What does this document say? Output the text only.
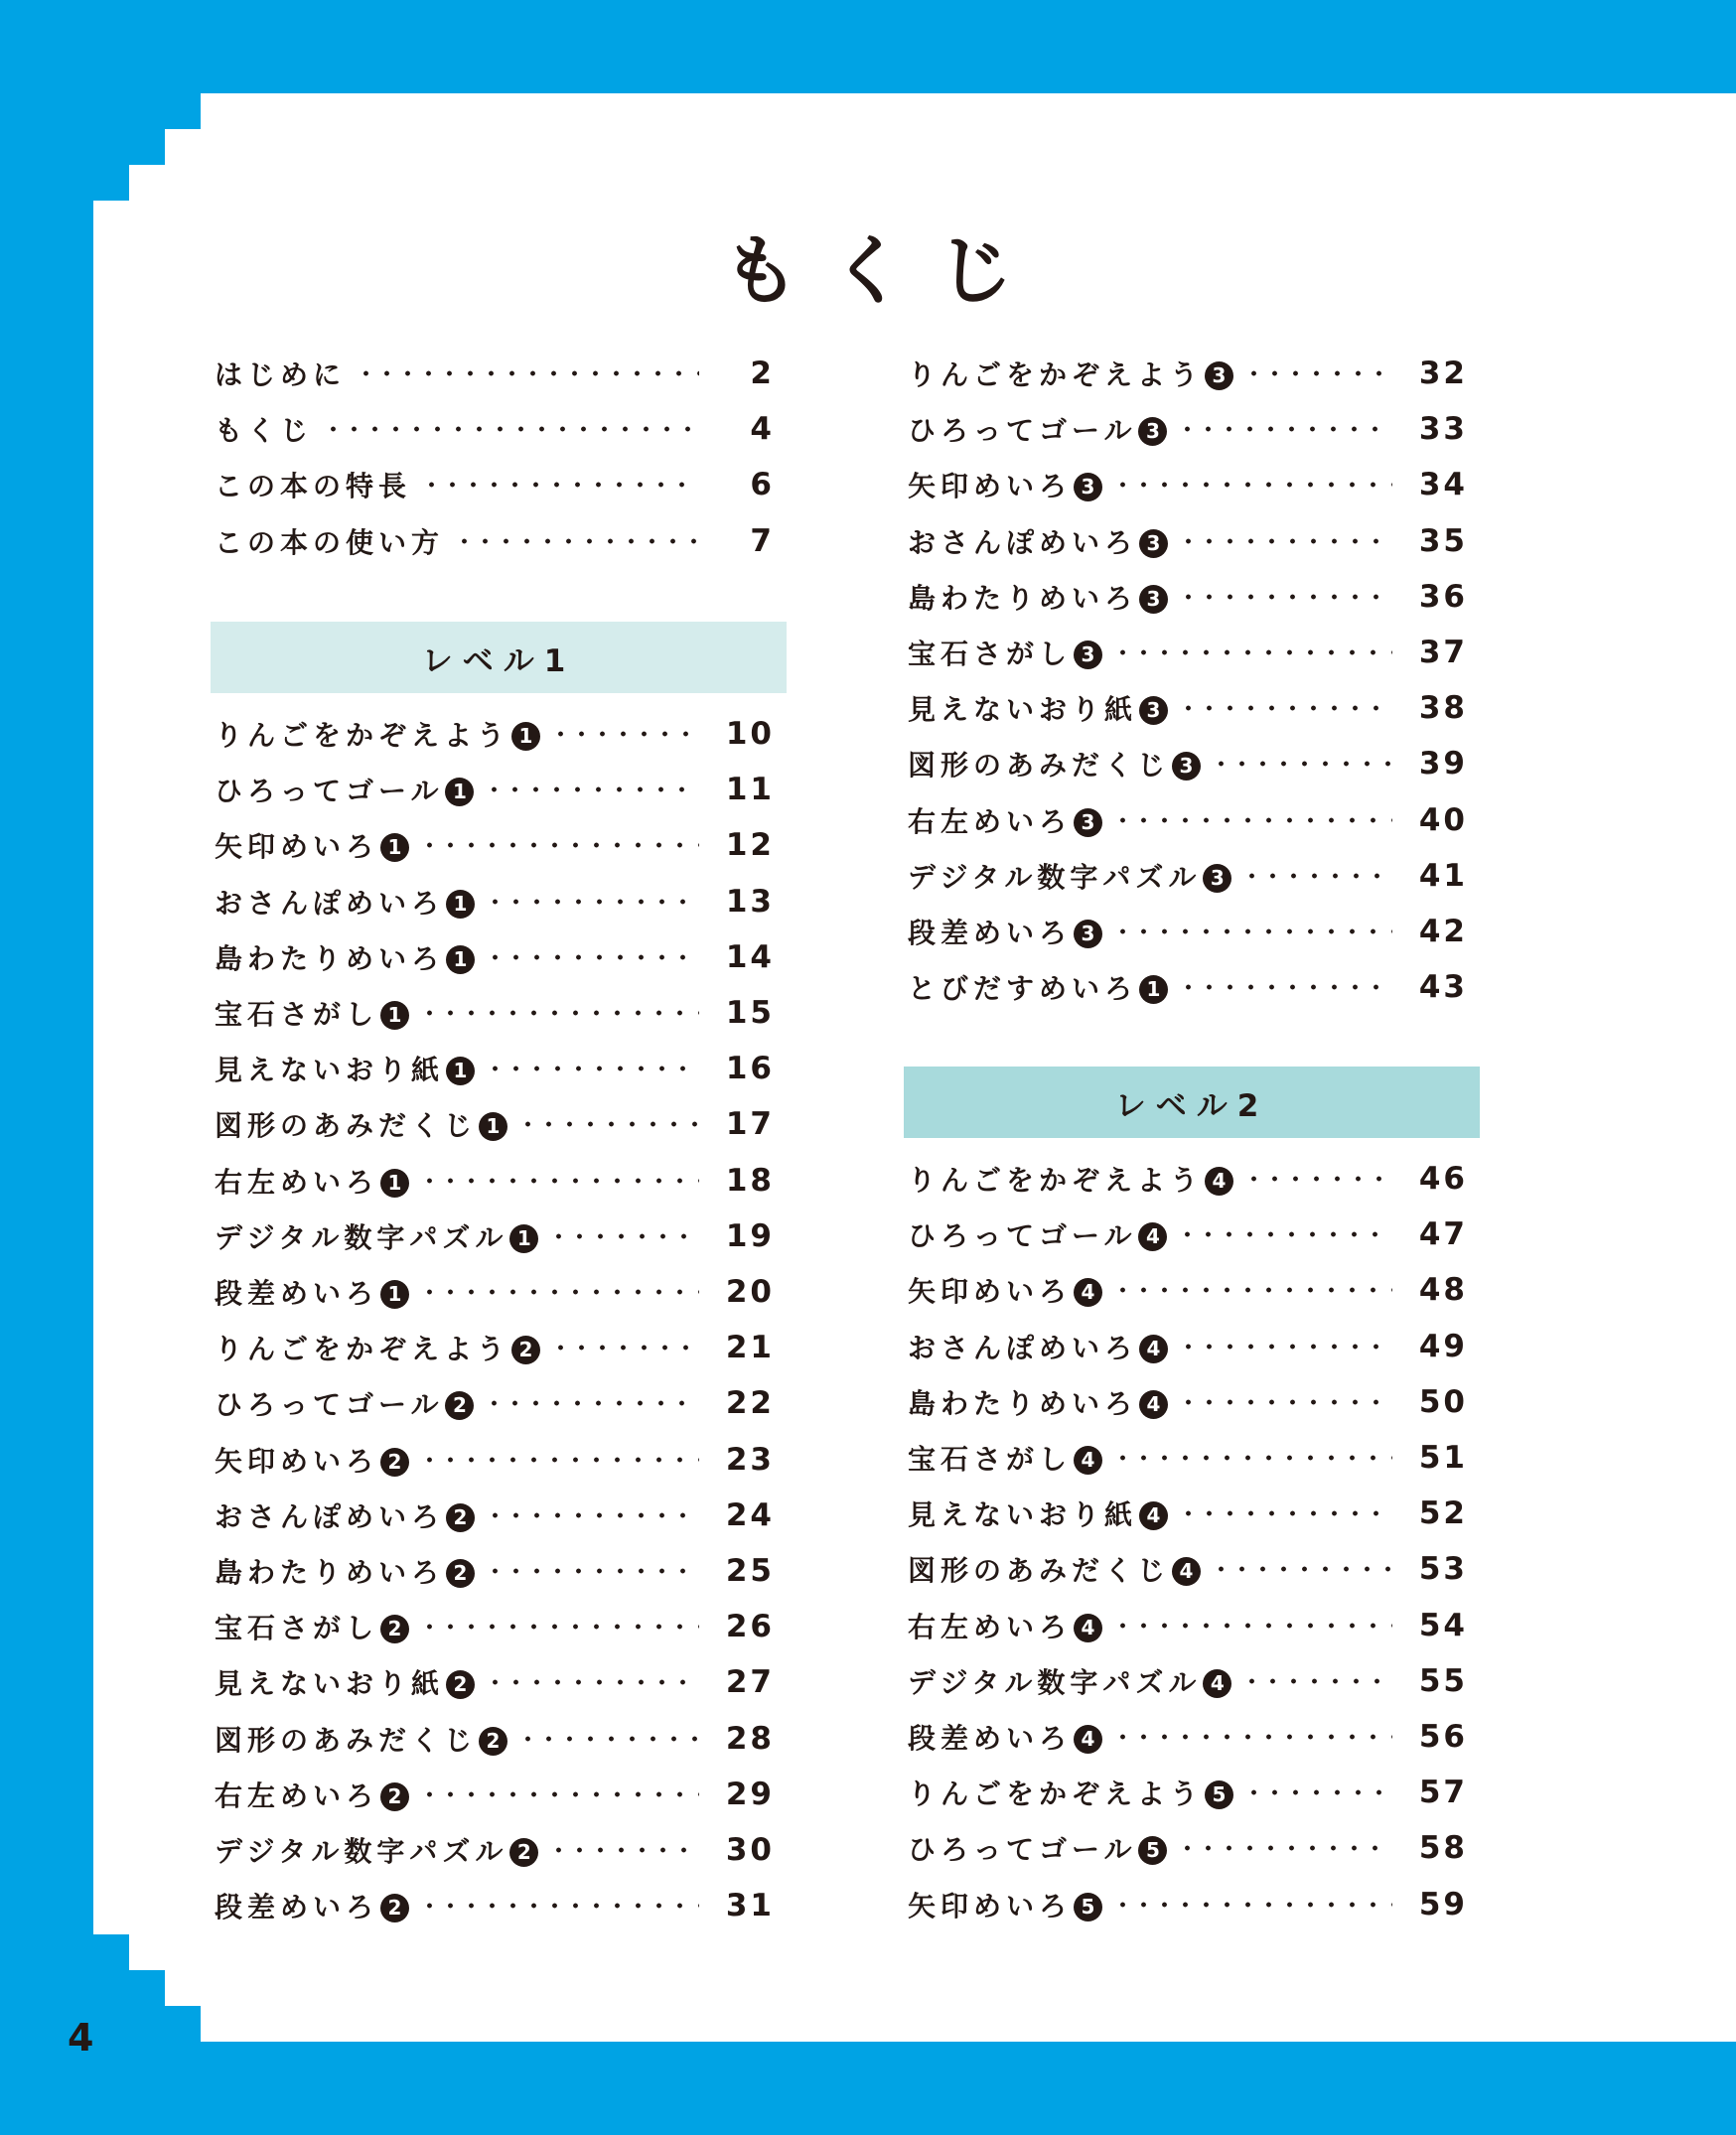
もくじ
はじめに	2
もくじ	4
この本の特長	6
この本の使い方	7
レベル1
りんごをかぞえよう 1	10
ひろってゴール 1	11
矢印めいろ 1	12
おさんぽめいろ 1	13
島わたりめいろ 1	14
宝石さがし 1	15
見えないおり紙 1	16
図形のあみだくじ 1	17
右左めいろ 1	18
デジタル数字パズル 1	19
段差めいろ 1	20
りんごをかぞえよう 2	21
ひろってゴール 2	22
矢印めいろ 2	23
おさんぽめいろ 2	24
島わたりめいろ 2	25
宝石さがし 2	26
見えないおり紙 2	27
図形のあみだくじ 2	28
右左めいろ 2	29
デジタル数字パズル 2	30
段差めいろ 2	31
りんごをかぞえよう 3	32
ひろってゴール 3	33
矢印めいろ 3	34
おさんぽめいろ 3	35
島わたりめいろ 3	36
宝石さがし 3	37
見えないおり紙 3	38
図形のあみだくじ 3	39
右左めいろ 3	40
デジタル数字パズル 3	41
段差めいろ 3	42
とびだすめいろ 1	43
レベル2
りんごをかぞえよう 4	46
ひろってゴール 4	47
矢印めいろ 4	48
おさんぽめいろ 4	49
島わたりめいろ 4	50
宝石さがし 4	51
見えないおり紙 4	52
図形のあみだくじ 4	53
右左めいろ 4	54
デジタル数字パズル 4	55
段差めいろ 4	56
りんごをかぞえよう 5	57
ひろってゴール 5	58
矢印めいろ 5	59
4
